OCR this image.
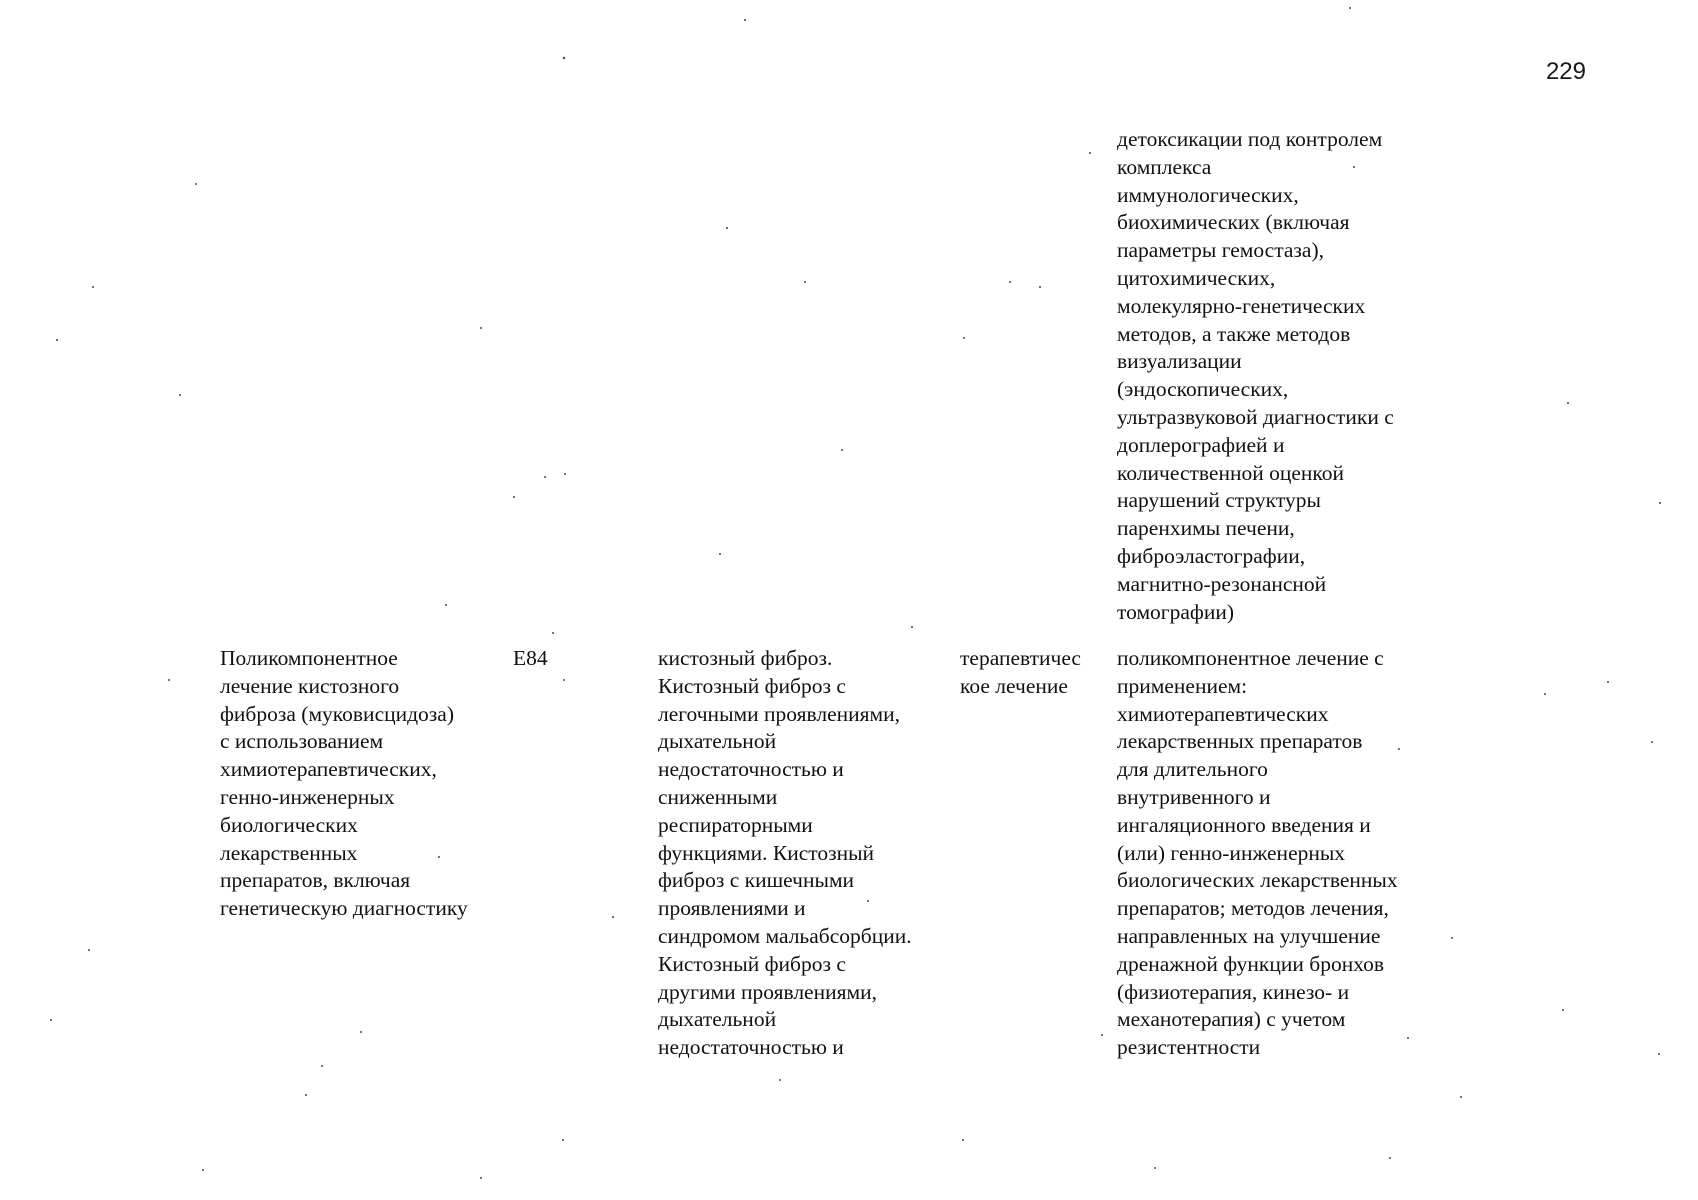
229
детоксикации под контролем
комплекса
иммунологических,
биохимических (включая
параметры гемостаза),
цитохимических,
молекулярно-генетических
методов, а также методов
визуализации
(эндоскопических,
ультразвуковой диагностики с
доплерографией и
количественной оценкой
нарушений структуры
паренхимы печени,
фиброэластографии,
магнитно-резонансной
томографии)
Поликомпонентное
лечение кистозного
фиброза (муковисцидоза)
с использованием
химиотерапевтических,
генно-инженерных
биологических
лекарственных
препаратов, включая
генетическую диагностику
E84	кистозный фиброз.
Кистозный фиброз с
легочными проявлениями,
дыхательной
недостаточностью и
сниженными
респираторными
функциями. Кистозный
фиброз с кишечными
проявлениями и
синдромом мальабсорбции.
Кистозный фиброз с
другими проявлениями,
дыхательной
недостаточностью и
терапевтичес
кое лечение
поликомпонентное лечение с
применением:
химиотерапевтических
лекарственных препаратов
для длительного
внутривенного и
ингаляционного введения и
(или) генно-инженерных
биологических лекарственных
препаратов; методов лечения,
направленных на улучшение
дренажной функции бронхов
(физиотерапия, кинезо- и
механотерапия) с учетом
резистентности
